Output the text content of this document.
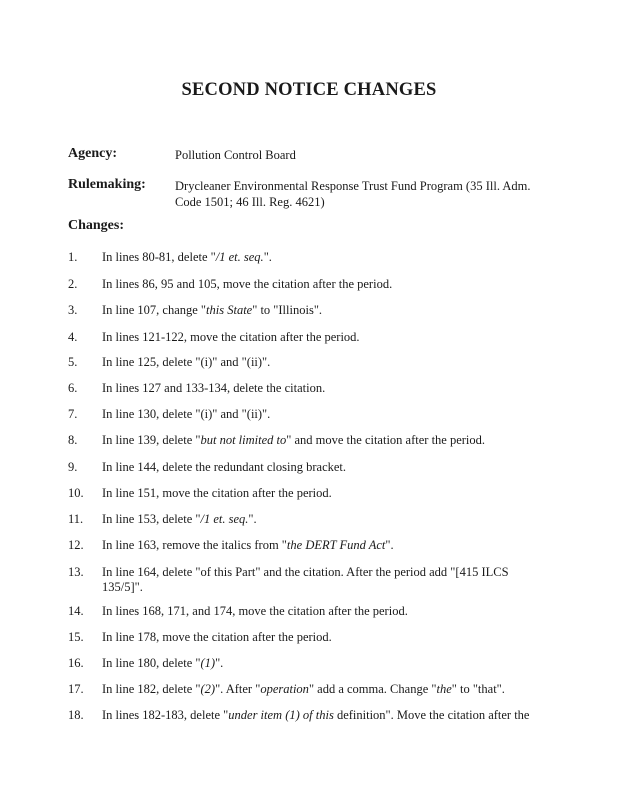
SECOND NOTICE CHANGES
Agency:	Pollution Control Board
Rulemaking: Drycleaner Environmental Response Trust Fund Program (35 Ill. Adm. Code 1501; 46 Ill. Reg. 4621)
Changes:
1. In lines 80-81, delete "/1 et. seq.".
2. In lines 86, 95 and 105, move the citation after the period.
3. In line 107, change "this State" to "Illinois".
4. In lines 121-122, move the citation after the period.
5. In line 125, delete "(i)" and "(ii)".
6. In lines 127 and 133-134, delete the citation.
7. In line 130, delete "(i)" and "(ii)".
8. In line 139, delete "but not limited to" and move the citation after the period.
9. In line 144, delete the redundant closing bracket.
10. In line 151, move the citation after the period.
11. In line 153, delete "/1 et. seq.".
12. In line 163, remove the italics from "the DERT Fund Act".
13. In line 164, delete "of this Part" and the citation. After the period add "[415 ILCS 135/5]".
14. In lines 168, 171, and 174, move the citation after the period.
15. In line 178, move the citation after the period.
16. In line 180, delete "(1)".
17. In line 182, delete "(2)". After "operation" add a comma. Change "the" to "that".
18. In lines 182-183, delete "under item (1) of this definition". Move the citation after the
